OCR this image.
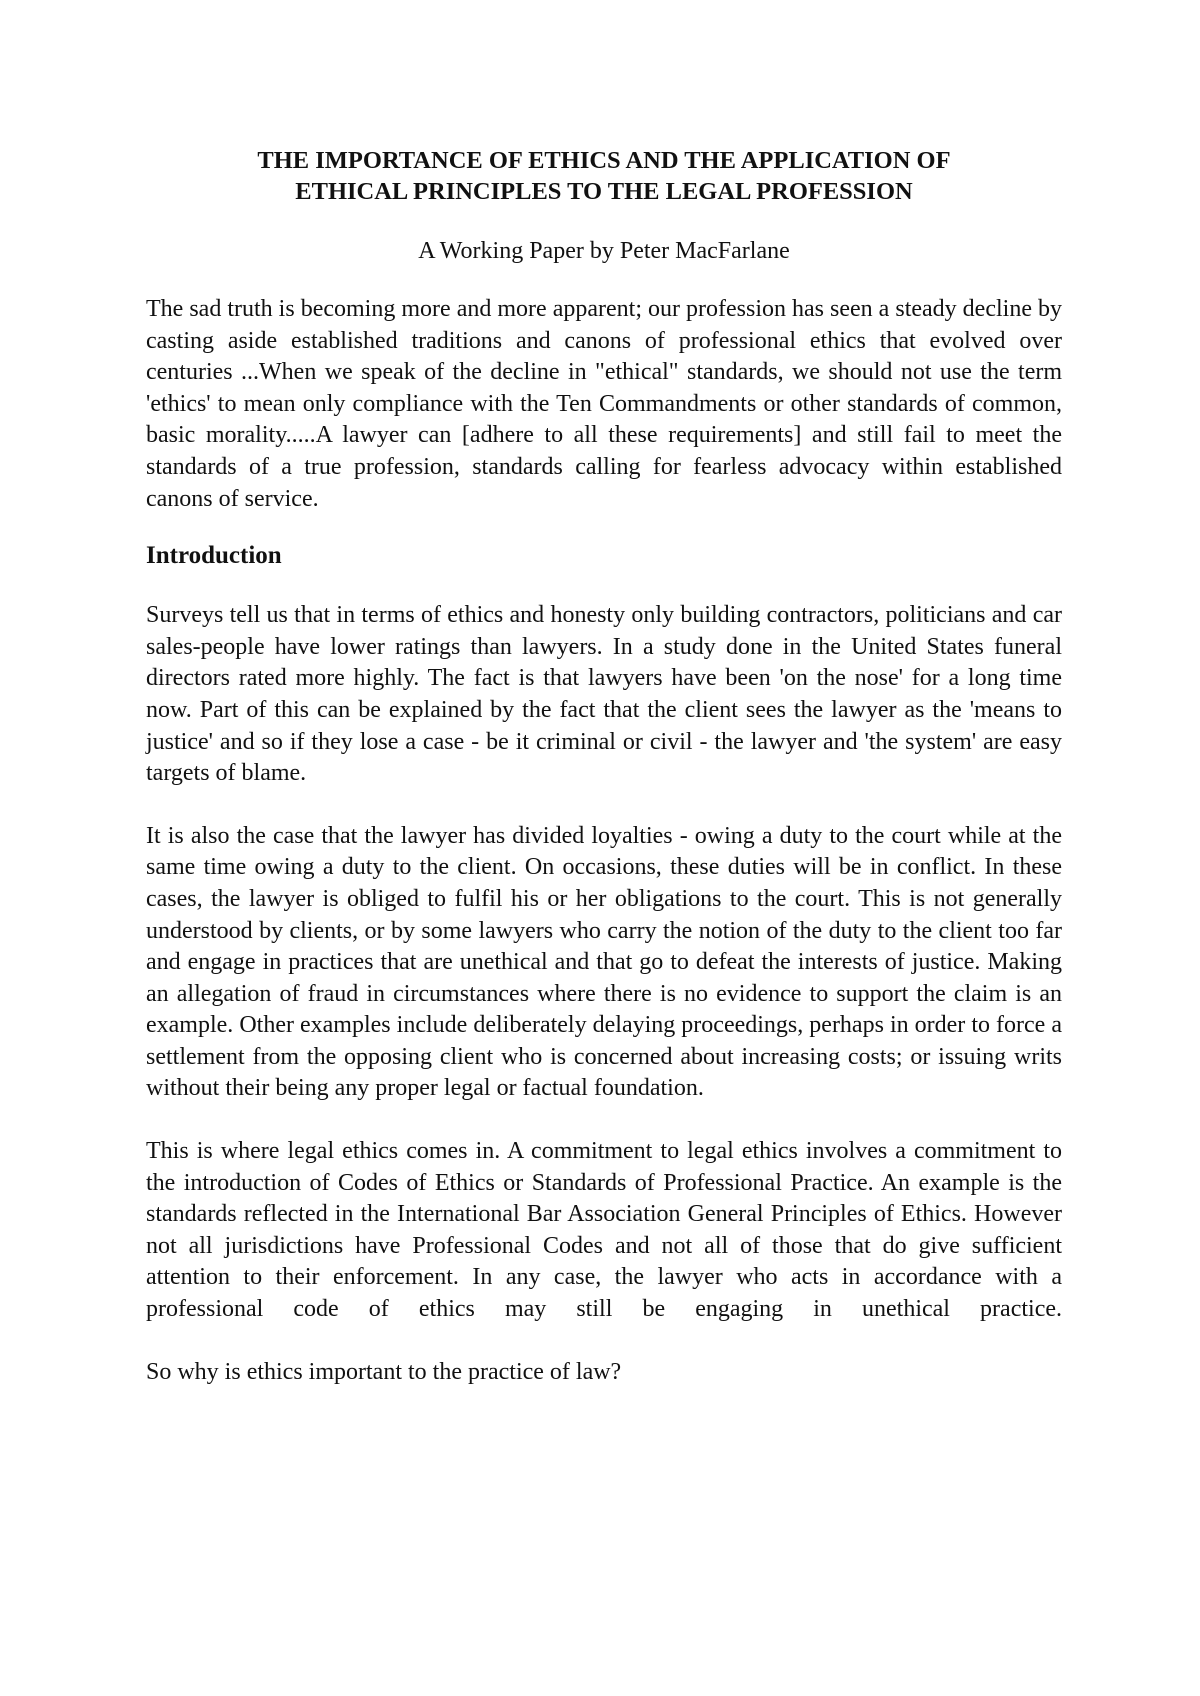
THE IMPORTANCE OF ETHICS AND THE APPLICATION OF
ETHICAL PRINCIPLES TO THE LEGAL PROFESSION

A Working Paper by Peter MacFarlane

The sad truth is becoming more and more apparent; our profession has seen a steady decline by casting aside established traditions and canons of professional ethics that evolved over centuries ...When we speak of the decline in "ethical" standards, we should not use the term 'ethics' to mean only compliance with the Ten Commandments or other standards of common, basic morality.....A lawyer can [adhere to all these requirements] and still fail to meet the standards of a true profession, standards calling for fearless advocacy within established canons of service.

Introduction

Surveys tell us that in terms of ethics and honesty only building contractors, politicians and car sales-people have lower ratings than lawyers. In a study done in the United States funeral directors rated more highly. The fact is that lawyers have been 'on the nose' for a long time now. Part of this can be explained by the fact that the client sees the lawyer as the 'means to justice' and so if they lose a case - be it criminal or civil - the lawyer and 'the system' are easy targets of blame.

It is also the case that the lawyer has divided loyalties - owing a duty to the court while at the same time owing a duty to the client. On occasions, these duties will be in conflict. In these cases, the lawyer is obliged to fulfil his or her obligations to the court. This is not generally understood by clients, or by some lawyers who carry the notion of the duty to the client too far and engage in practices that are unethical and that go to defeat the interests of justice. Making an allegation of fraud in circumstances where there is no evidence to support the claim is an example. Other examples include deliberately delaying proceedings, perhaps in order to force a settlement from the opposing client who is concerned about increasing costs; or issuing writs without their being any proper legal or factual foundation.

This is where legal ethics comes in. A commitment to legal ethics involves a commitment to the introduction of Codes of Ethics or Standards of Professional Practice. An example is the standards reflected in the International Bar Association General Principles of Ethics. However not all jurisdictions have Professional Codes and not all of those that do give sufficient attention to their enforcement. In any case, the lawyer who acts in accordance with a professional code of ethics may still be engaging in unethical practice.

So why is ethics important to the practice of law?
